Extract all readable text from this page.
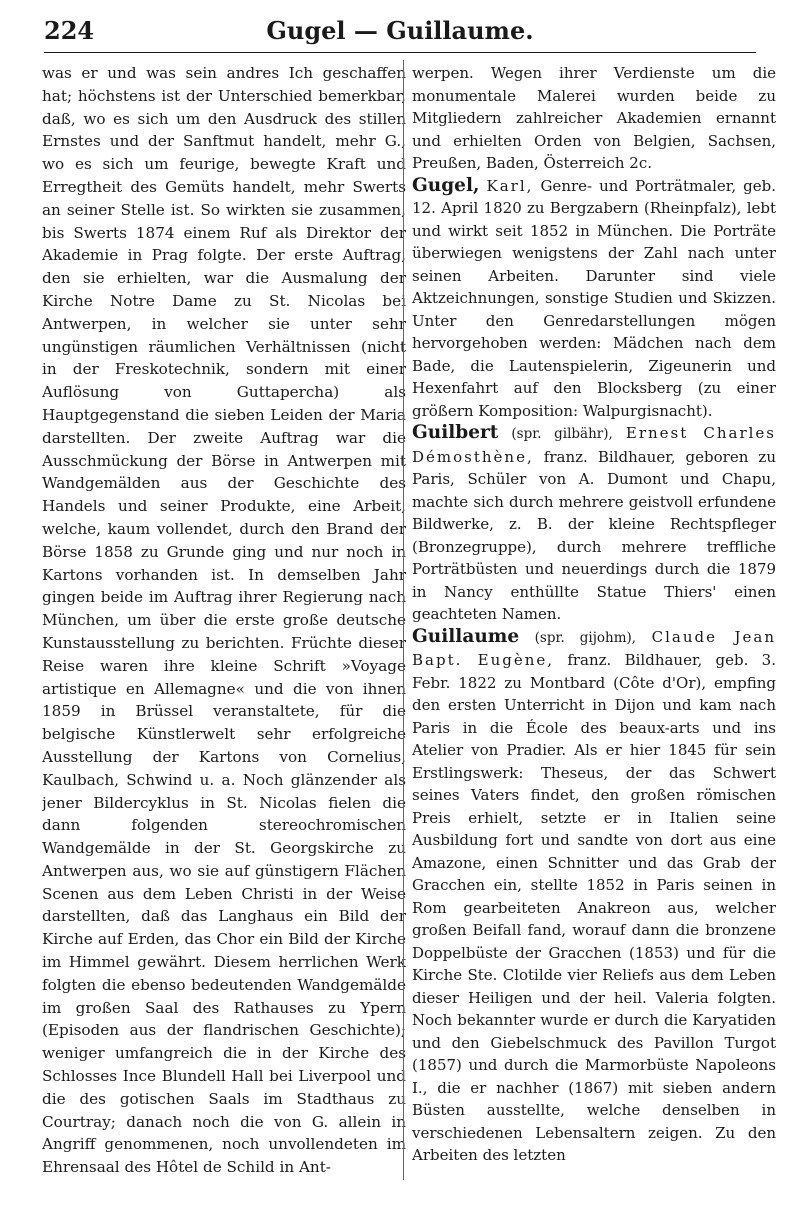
224	Gugel — Guillaume.

was er und was sein andres Ich geschaffen hat; höchstens ist der Unterschied bemerkbar, daß, wo es sich um den Ausdruck des stillen Ernstes und der Sanftmut handelt, mehr G., wo es sich um feurige, bewegte Kraft und Erregtheit des Gemüts handelt, mehr Swerts an seiner Stelle ist. So wirkten sie zusammen, bis Swerts 1874 einem Ruf als Direktor der Akademie in Prag folgte. Der erste Auftrag, den sie erhielten, war die Ausmalung der Kirche Notre Dame zu St. Nicolas bei Antwerpen, in welcher sie unter sehr ungünstigen räumlichen Verhältnissen (nicht in der Freskotechnik, sondern mit einer Auflösung von Guttapercha) als Hauptgegenstand die sieben Leiden der Maria darstellten. Der zweite Auftrag war die Ausschmückung der Börse in Antwerpen mit Wandgemälden aus der Geschichte des Handels und seiner Produkte, eine Arbeit, welche, kaum vollendet, durch den Brand der Börse 1858 zu Grunde ging und nur noch in Kartons vorhanden ist. In demselben Jahr gingen beide im Auftrag ihrer Regierung nach München, um über die erste große deutsche Kunstausstellung zu berichten. Früchte dieser Reise waren ihre kleine Schrift »Voyage artistique en Allemagne« und die von ihnen 1859 in Brüssel veranstaltete, für die belgische Künstlerwelt sehr erfolgreiche Ausstellung der Kartons von Cornelius, Kaulbach, Schwind u. a. Noch glänzender als jener Bildercyklus in St. Nicolas fielen die dann folgenden stereochromischen Wandgemälde in der St. Georgskirche zu Antwerpen aus, wo sie auf günstigern Flächen Scenen aus dem Leben Christi in der Weise darstellten, daß das Langhaus ein Bild der Kirche auf Erden, das Chor ein Bild der Kirche im Himmel gewährt. Diesem herrlichen Werk folgten die ebenso bedeutenden Wandgemälde im großen Saal des Rathauses zu Ypern (Episoden aus der flandrischen Geschichte); weniger umfangreich die in der Kirche des Schlosses Ince Blundell Hall bei Liverpool und die des gotischen Saals im Stadthaus zu Courtray; danach noch die von G. allein in Angriff genommenen, noch unvollendeten im Ehrensaal des Hôtel de Schild in Ant-

werpen. Wegen ihrer Verdienste um die monumentale Malerei wurden beide zu Mitgliedern zahlreicher Akademien ernannt und erhielten Orden von Belgien, Sachsen, Preußen, Baden, Österreich 2c.

Gugel, Karl, Genre- und Porträtmaler, geb. 12. April 1820 zu Bergzabern (Rheinpfalz), lebt und wirkt seit 1852 in München. Die Porträte überwiegen wenigstens der Zahl nach unter seinen Arbeiten. Darunter sind viele Aktzeichnungen, sonstige Studien und Skizzen. Unter den Genredarstellungen mögen hervorgehoben werden: Mädchen nach dem Bade, die Lautenspielerin, Zigeunerin und Hexenfahrt auf den Blocksberg (zu einer größern Komposition: Walpurgisnacht).

Guilbert (spr. gilbähr), Ernest Charles Démosthène, franz. Bildhauer, geboren zu Paris, Schüler von A. Dumont und Chapu, machte sich durch mehrere geistvoll erfundene Bildwerke, z. B. der kleine Rechtspfleger (Bronzegruppe), durch mehrere treffliche Porträtbüsten und neuerdings durch die 1879 in Nancy enthüllte Statue Thiers' einen geachteten Namen.

Guillaume (spr. gijohm), Claude Jean Bapt. Eugène, franz. Bildhauer, geb. 3. Febr. 1822 zu Montbard (Côte d'Or), empfing den ersten Unterricht in Dijon und kam nach Paris in die École des beaux-arts und ins Atelier von Pradier. Als er hier 1845 für sein Erstlingswerk: Theseus, der das Schwert seines Vaters findet, den großen römischen Preis erhielt, setzte er in Italien seine Ausbildung fort und sandte von dort aus eine Amazone, einen Schnitter und das Grab der Gracchen ein, stellte 1852 in Paris seinen in Rom gearbeiteten Anakreon aus, welcher großen Beifall fand, worauf dann die bronzene Doppelbüste der Gracchen (1853) und für die Kirche Ste. Clotilde vier Reliefs aus dem Leben dieser Heiligen und der heil. Valeria folgten. Noch bekannter wurde er durch die Karyatiden und den Giebelschmuck des Pavillon Turgot (1857) und durch die Marmorbüste Napoleons I., die er nachher (1867) mit sieben andern Büsten ausstellte, welche denselben in verschiedenen Lebensaltern zeigen. Zu den Arbeiten des letzten
